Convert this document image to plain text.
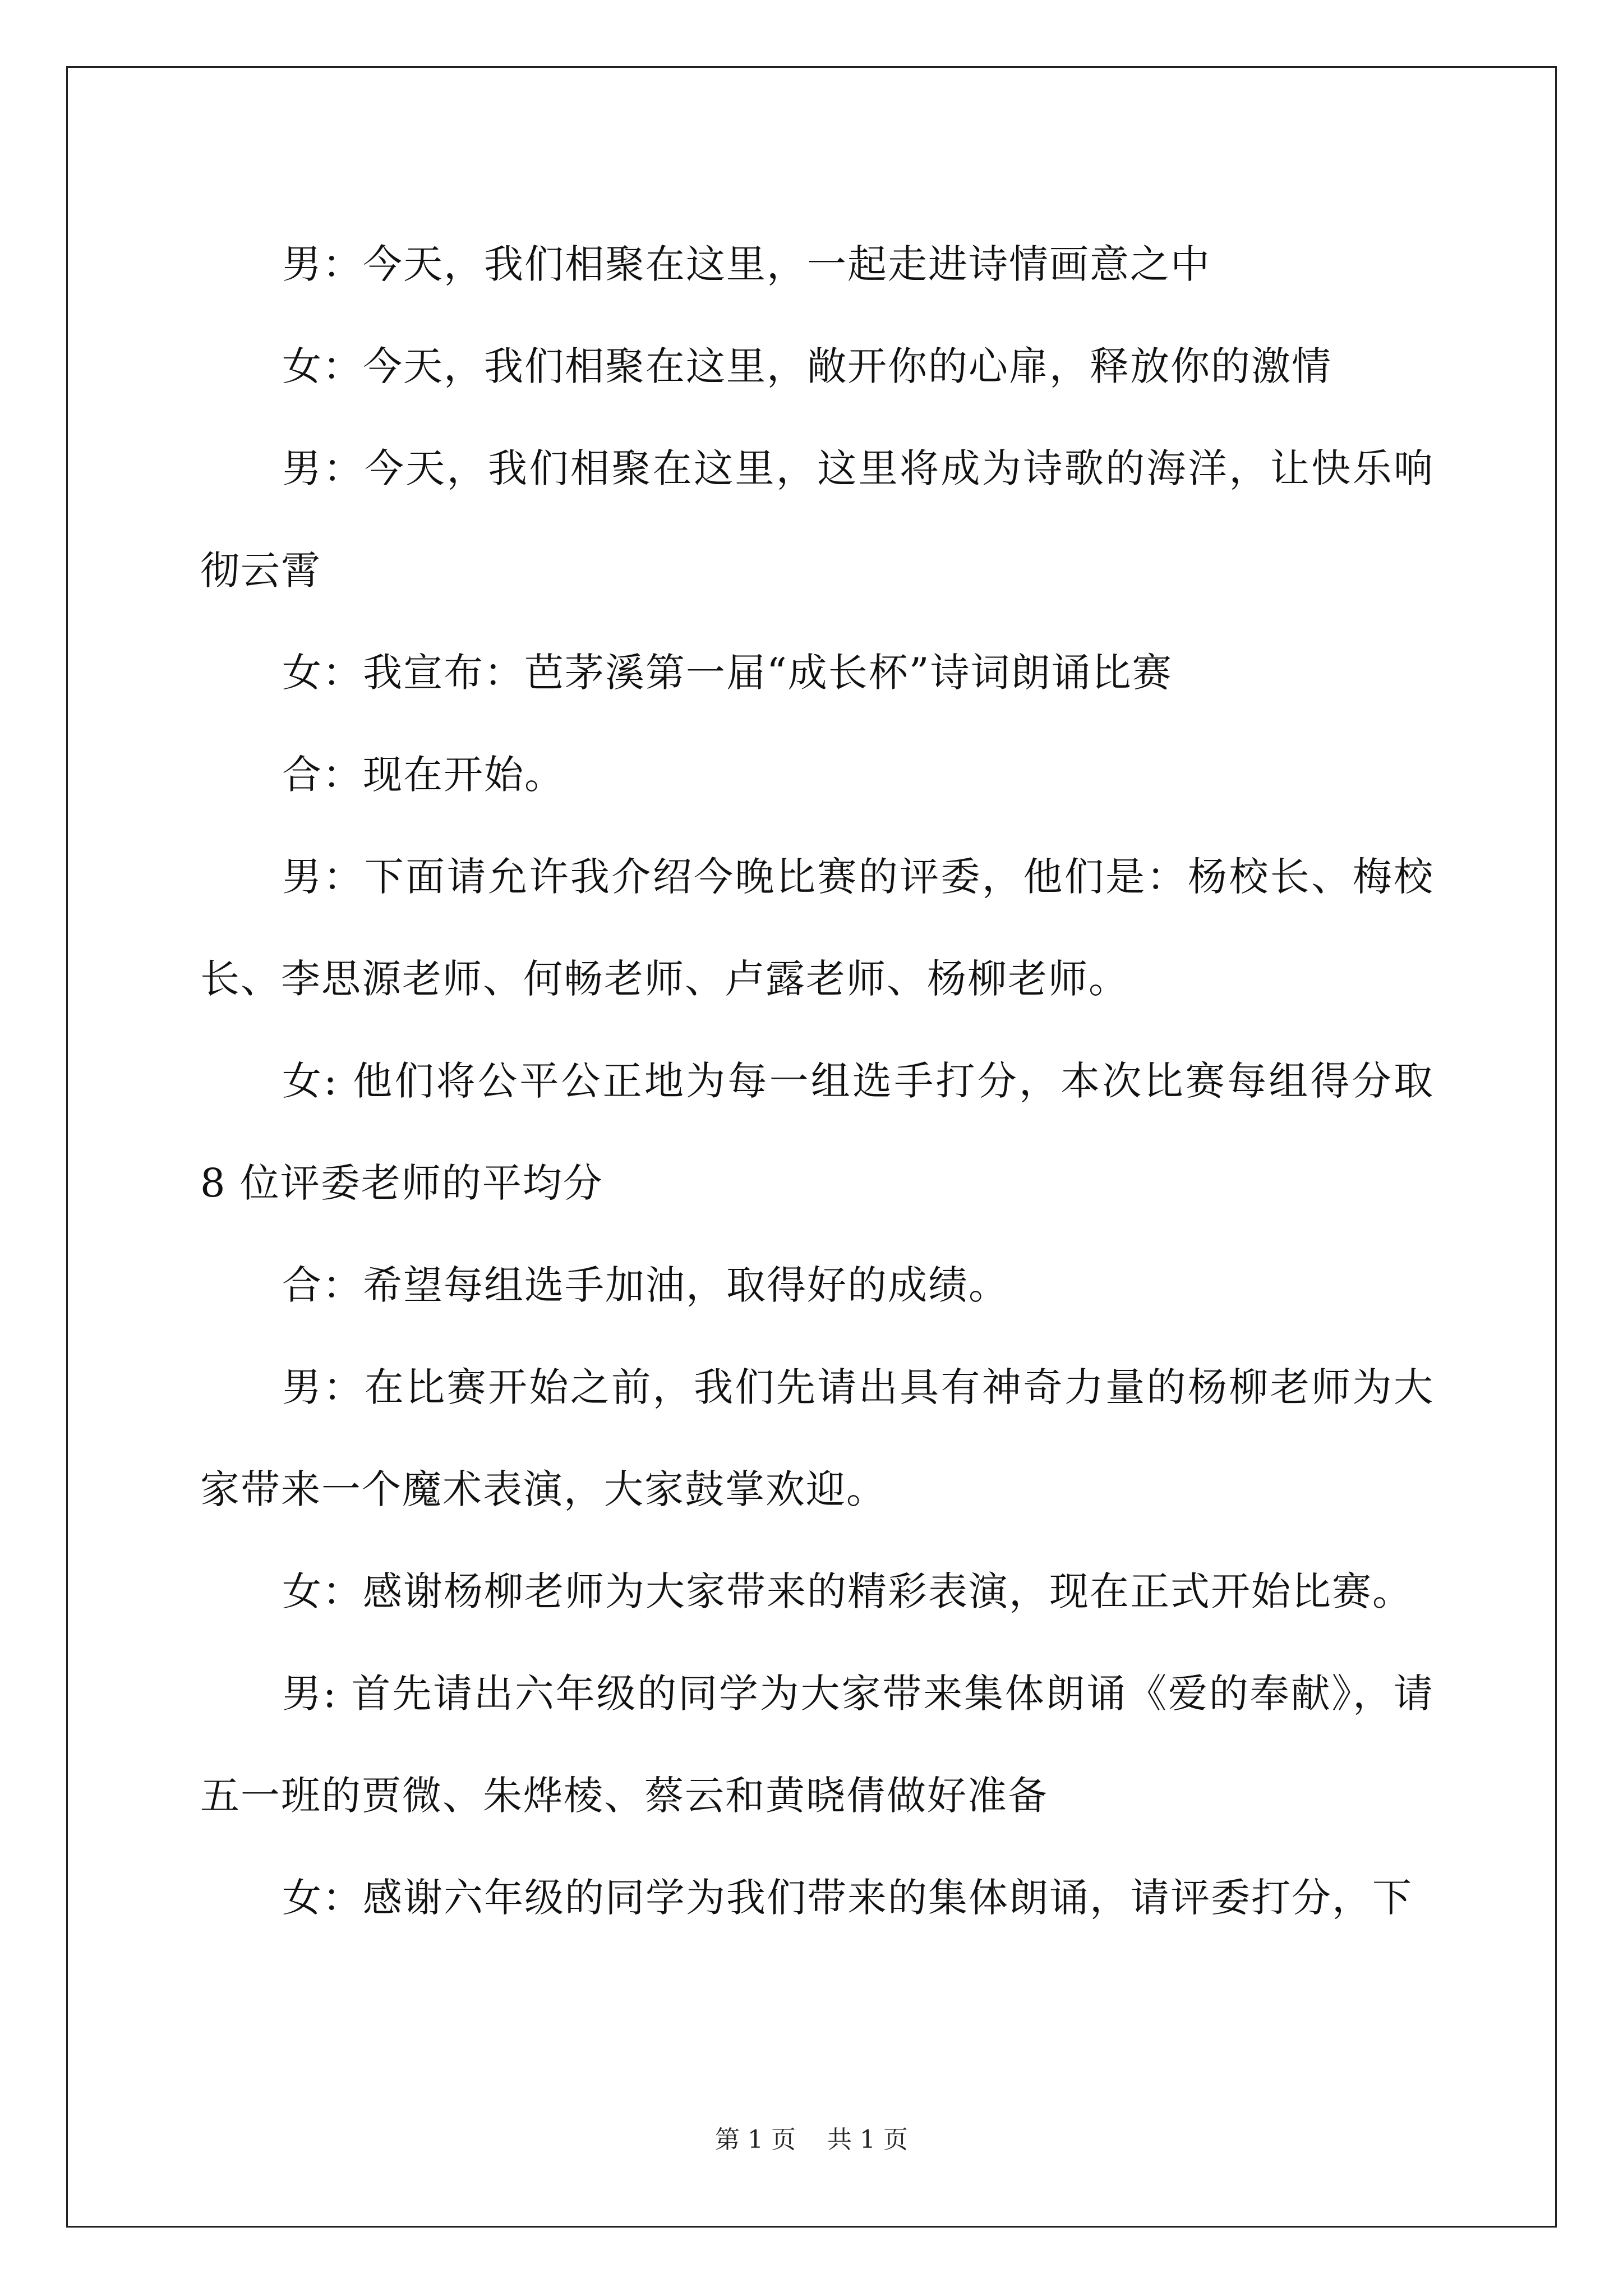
男：今天，我们相聚在这里，一起走进诗情画意之中

女：今天，我们相聚在这里，敞开你的心扉，释放你的激情

男：今天，我们相聚在这里，这里将成为诗歌的海洋，让快乐响彻云霄

女：我宣布：芭茅溪第一届“成长杯”诗词朗诵比赛

合：现在开始。

男：下面请允许我介绍今晚比赛的评委，他们是：杨校长、梅校长、李思源老师、何畅老师、卢露老师、杨柳老师。

女: 他们将公平公正地为每一组选手打分，本次比赛每组得分取 8 位评委老师的平均分

合：希望每组选手加油，取得好的成绩。

男：在比赛开始之前，我们先请出具有神奇力量的杨柳老师为大家带来一个魔术表演，大家鼓掌欢迎。

女：感谢杨柳老师为大家带来的精彩表演，现在正式开始比赛。

男: 首先请出六年级的同学为大家带来集体朗诵《爱的奉献》，请五一班的贾微、朱烨棱、蔡云和黄晓倩做好准备

女：感谢六年级的同学为我们带来的集体朗诵，请评委打分，下

第 1 页    共 1 页
